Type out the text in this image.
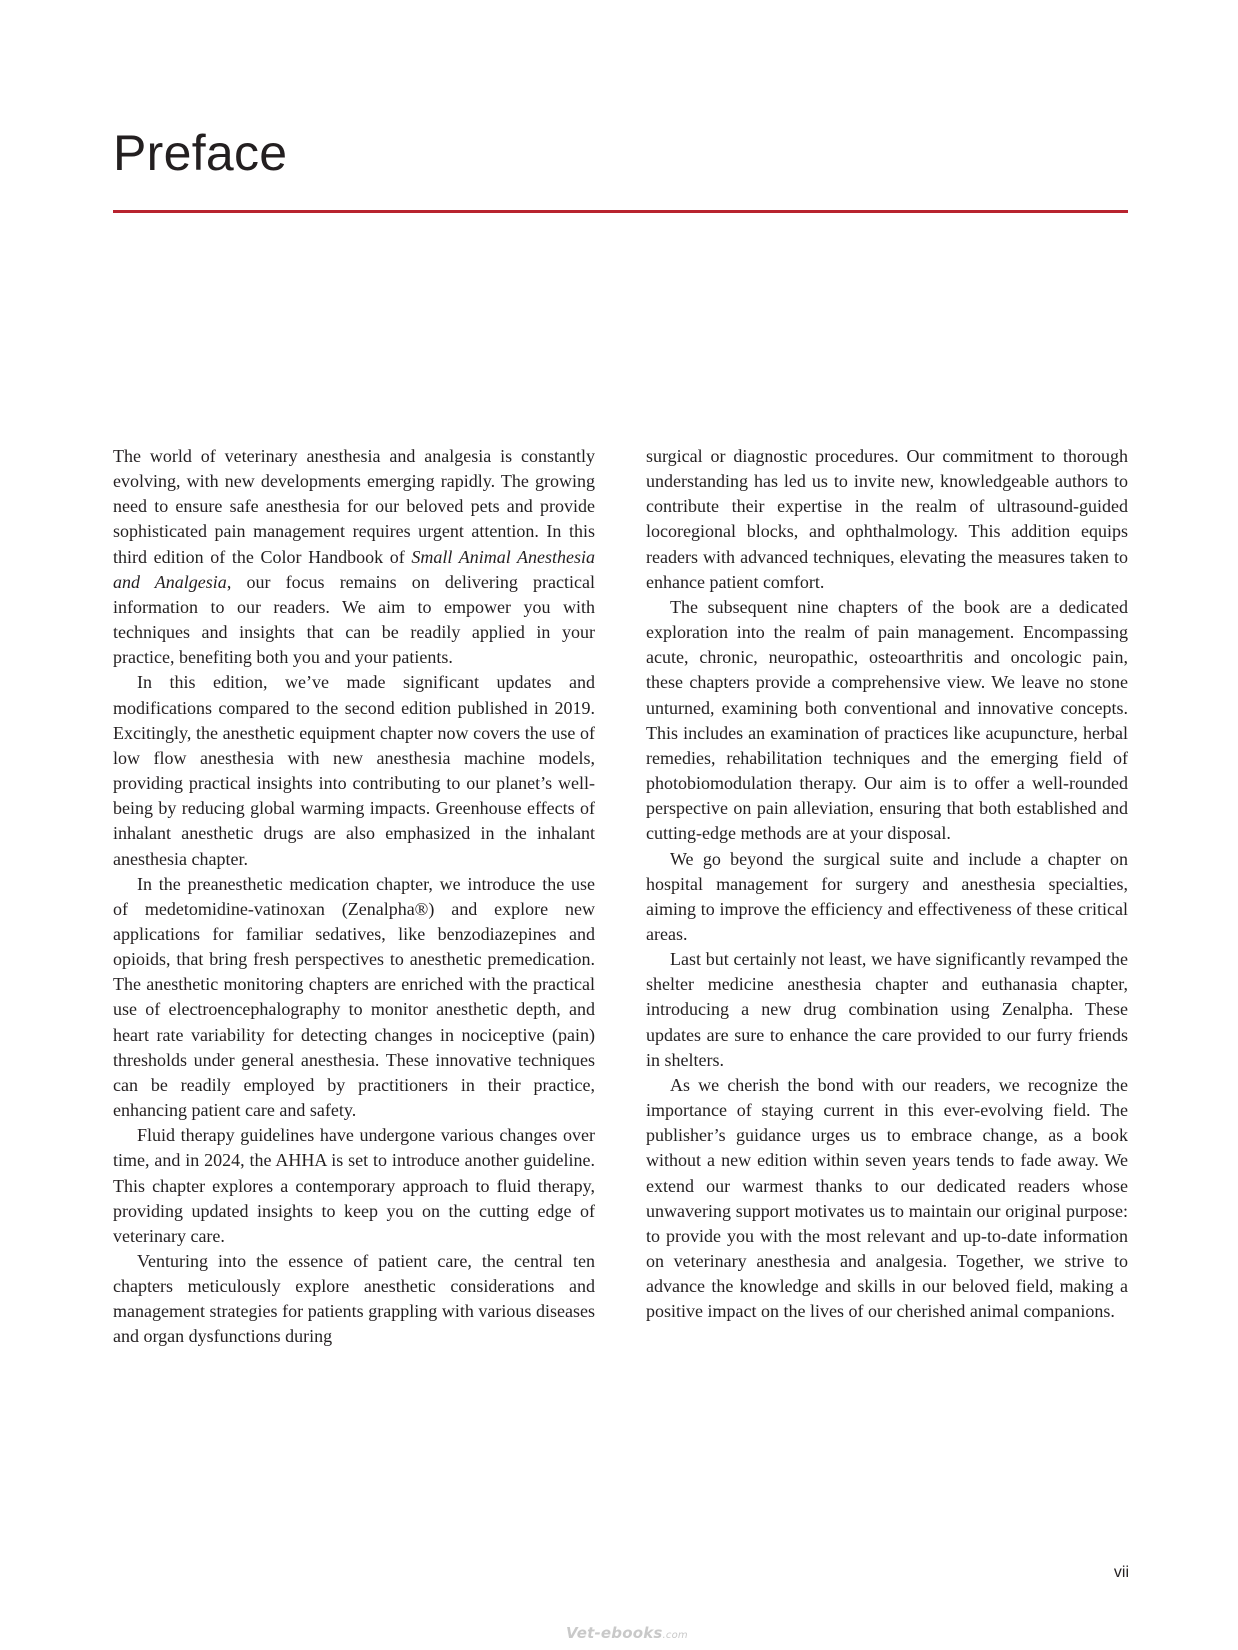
Preface

The world of veterinary anesthesia and analgesia is constantly evolving, with new developments emerging rapidly. The growing need to ensure safe anesthesia for our beloved pets and provide sophisticated pain management requires urgent attention. In this third edition of the Color Handbook of Small Animal Anesthesia and Analgesia, our focus remains on delivering practical information to our readers. We aim to empower you with techniques and insights that can be readily applied in your practice, benefiting both you and your patients.

In this edition, we’ve made significant updates and modifications compared to the second edition published in 2019. Excitingly, the anesthetic equipment chapter now covers the use of low flow anesthesia with new anesthesia machine models, providing practical insights into contributing to our planet’s well-being by reducing global warming impacts. Greenhouse effects of inhalant anesthetic drugs are also emphasized in the inhalant anesthesia chapter.

In the preanesthetic medication chapter, we introduce the use of medetomidine-vatinoxan (Zenalpha®) and explore new applications for familiar sedatives, like benzodiazepines and opioids, that bring fresh perspectives to anesthetic premedication. The anesthetic monitoring chapters are enriched with the practical use of electroencephalography to monitor anesthetic depth, and heart rate variability for detecting changes in nociceptive (pain) thresholds under general anesthesia. These innovative techniques can be readily employed by practitioners in their practice, enhancing patient care and safety.

Fluid therapy guidelines have undergone various changes over time, and in 2024, the AHHA is set to introduce another guideline. This chapter explores a contemporary approach to fluid therapy, providing updated insights to keep you on the cutting edge of veterinary care.

Venturing into the essence of patient care, the central ten chapters meticulously explore anesthetic considerations and management strategies for patients grappling with various diseases and organ dysfunctions during

surgical or diagnostic procedures. Our commitment to thorough understanding has led us to invite new, knowledgeable authors to contribute their expertise in the realm of ultrasound-guided locoregional blocks, and ophthalmology. This addition equips readers with advanced techniques, elevating the measures taken to enhance patient comfort.

The subsequent nine chapters of the book are a dedicated exploration into the realm of pain management. Encompassing acute, chronic, neuropathic, osteoarthritis and oncologic pain, these chapters provide a comprehensive view. We leave no stone unturned, examining both conventional and innovative concepts. This includes an examination of practices like acupuncture, herbal remedies, rehabilitation techniques and the emerging field of photobiomodulation therapy. Our aim is to offer a well-rounded perspective on pain alleviation, ensuring that both established and cutting-edge methods are at your disposal.

We go beyond the surgical suite and include a chapter on hospital management for surgery and anesthesia specialties, aiming to improve the efficiency and effectiveness of these critical areas.

Last but certainly not least, we have significantly revamped the shelter medicine anesthesia chapter and euthanasia chapter, introducing a new drug combination using Zenalpha. These updates are sure to enhance the care provided to our furry friends in shelters.

As we cherish the bond with our readers, we recognize the importance of staying current in this ever-evolving field. The publisher’s guidance urges us to embrace change, as a book without a new edition within seven years tends to fade away. We extend our warmest thanks to our dedicated readers whose unwavering support motivates us to maintain our original purpose: to provide you with the most relevant and up-to-date information on veterinary anesthesia and analgesia. Together, we strive to advance the knowledge and skills in our beloved field, making a positive impact on the lives of our cherished animal companions.

vii
Vet-ebooks.com
